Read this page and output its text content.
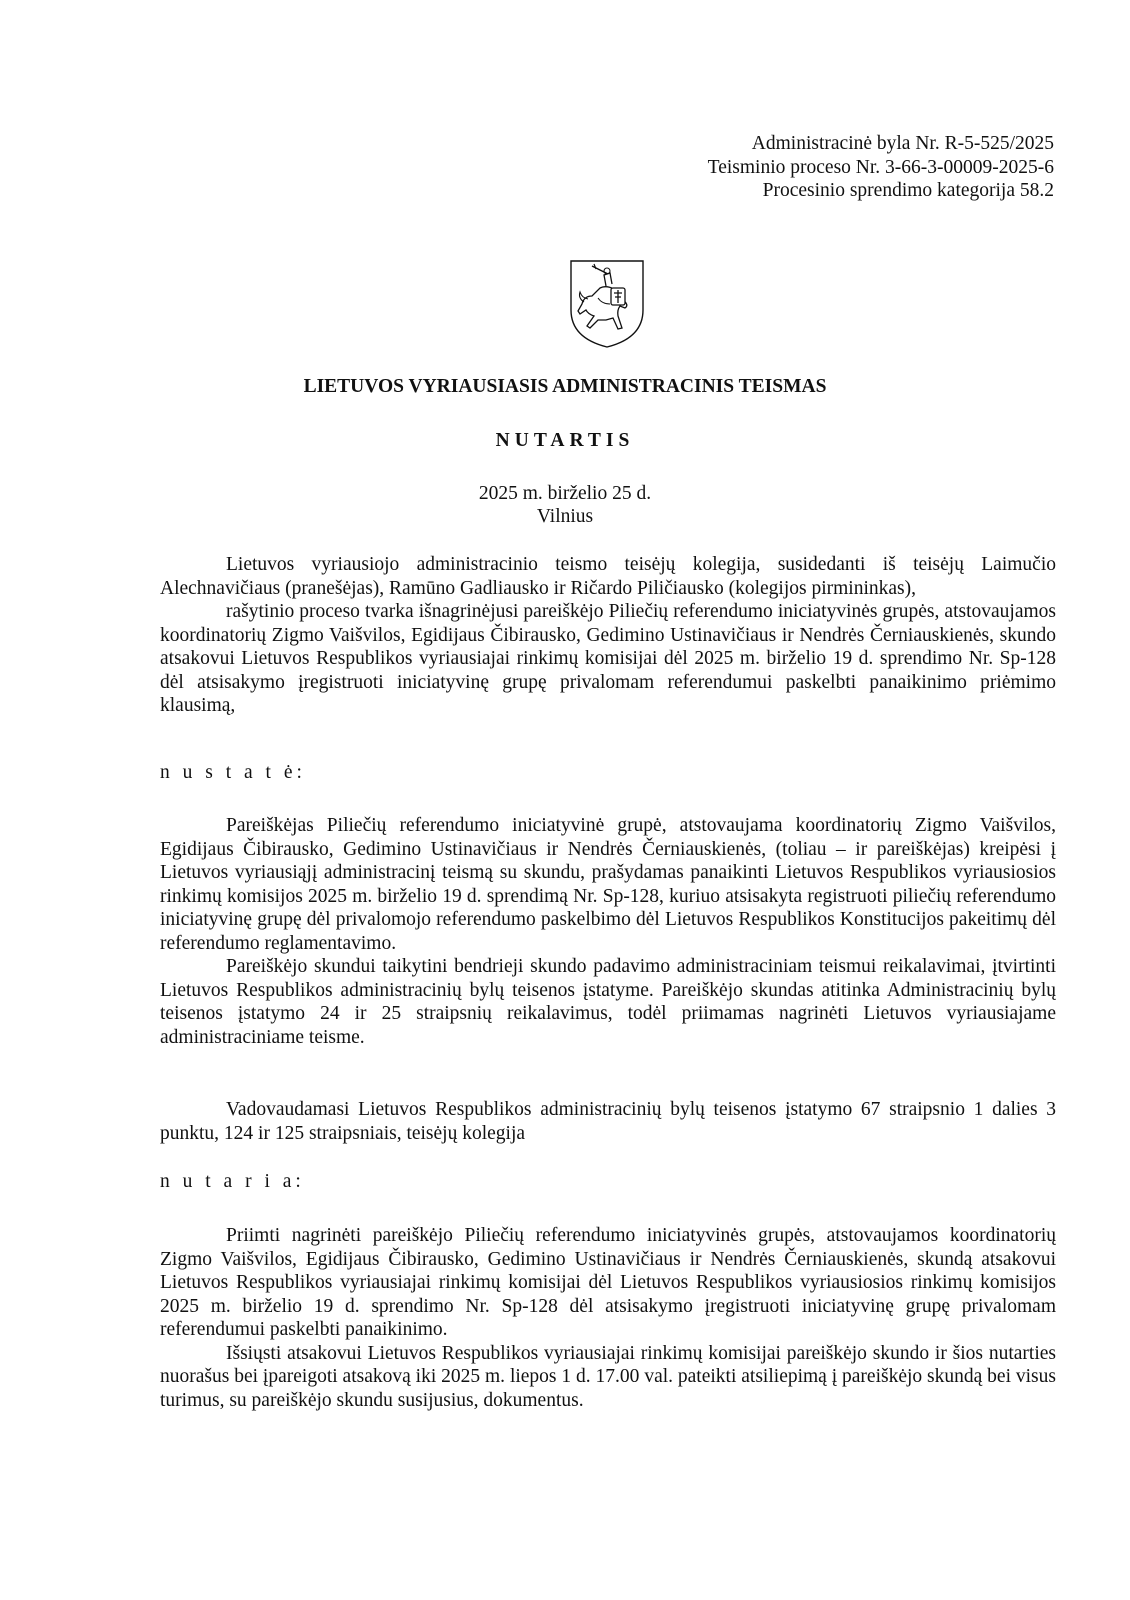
Administracinė byla Nr. R-5-525/2025
Teisminio proceso Nr. 3-66-3-00009-2025-6
Procesinio sprendimo kategorija 58.2
LIETUVOS VYRIAUSIASIS ADMINISTRACINIS TEISMAS
NUTARTIS
2025 m. birželio 25 d.
Vilnius

Lietuvos vyriausiojo administracinio teismo teisėjų kolegija, susidedanti iš teisėjų Laimučio Alechnavičiaus (pranešėjas), Ramūno Gadliausko ir Ričardo Piličiausko (kolegijos pirmininkas),

rašytinio proceso tvarka išnagrinėjusi pareiškėjo Piliečių referendumo iniciatyvinės grupės, atstovaujamos koordinatorių Zigmo Vaišvilos, Egidijaus Čibirausko, Gedimino Ustinavičiaus ir Nendrės Černiauskienės, skundo atsakovui Lietuvos Respublikos vyriausiajai rinkimų komisijai dėl 2025 m. birželio 19 d. sprendimo Nr. Sp-128 dėl atsisakymo įregistruoti iniciatyvinę grupę privalomam referendumui paskelbti panaikinimo priėmimo klausimą,

n u s t a t ė:

Pareiškėjas Piliečių referendumo iniciatyvinė grupė, atstovaujama koordinatorių Zigmo Vaišvilos, Egidijaus Čibirausko, Gedimino Ustinavičiaus ir Nendrės Černiauskienės, (toliau – ir pareiškėjas) kreipėsi į Lietuvos vyriausiąjį administracinį teismą su skundu, prašydamas panaikinti Lietuvos Respublikos vyriausiosios rinkimų komisijos 2025 m. birželio 19 d. sprendimą Nr. Sp-128, kuriuo atsisakyta registruoti piliečių referendumo iniciatyvinę grupę dėl privalomojo referendumo paskelbimo dėl Lietuvos Respublikos Konstitucijos pakeitimų dėl referendumo reglamentavimo.

Pareiškėjo skundui taikytini bendrieji skundo padavimo administraciniam teismui reikalavimai, įtvirtinti Lietuvos Respublikos administracinių bylų teisenos įstatyme. Pareiškėjo skundas atitinka Administracinių bylų teisenos įstatymo 24 ir 25 straipsnių reikalavimus, todėl priimamas nagrinėti Lietuvos vyriausiajame administraciniame teisme.

Vadovaudamasi Lietuvos Respublikos administracinių bylų teisenos įstatymo 67 straipsnio 1 dalies 3 punktu, 124 ir 125 straipsniais, teisėjų kolegija

n u t a r i a:

Priimti nagrinėti pareiškėjo Piliečių referendumo iniciatyvinės grupės, atstovaujamos koordinatorių Zigmo Vaišvilos, Egidijaus Čibirausko, Gedimino Ustinavičiaus ir Nendrės Černiauskienės, skundą atsakovui Lietuvos Respublikos vyriausiajai rinkimų komisijai dėl Lietuvos Respublikos vyriausiosios rinkimų komisijos 2025 m. birželio 19 d. sprendimo Nr. Sp-128 dėl atsisakymo įregistruoti iniciatyvinę grupę privalomam referendumui paskelbti panaikinimo.

Išsiųsti atsakovui Lietuvos Respublikos vyriausiajai rinkimų komisijai pareiškėjo skundo ir šios nutarties nuorašus bei įpareigoti atsakovą iki 2025 m. liepos 1 d. 17.00 val. pateikti atsiliepimą į pareiškėjo skundą bei visus turimus, su pareiškėjo skundu susijusius, dokumentus.
